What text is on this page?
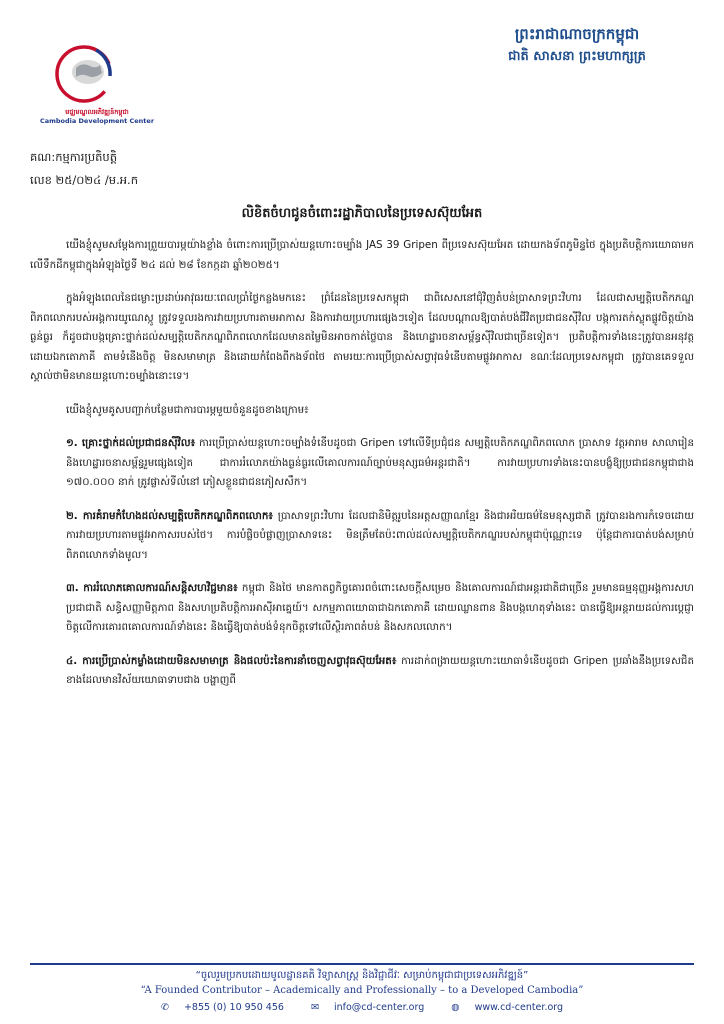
មជ្ឈមណ្ឌលអភិវឌ្ឍន៍កម្ពុជា
Cambodia Development Center
ព្រះរាជាណាចក្រកម្ពុជា
ជាតិ សាសនា ព្រះមហាក្សត្រ
គណ:កម្មការប្រតិបត្តិ
លេខ ២៥/០២៤ /ម.អ.ក
លិខិតចំហជូនចំពោះរដ្ឋាភិបាលនៃប្រទេសស៊ុយអែត

យើងខ្ញុំសូមសម្តែងការព្រួយបារម្ភយ៉ាងខ្លាំង ចំពោះការប្រើប្រាស់យន្តហោះចម្បាំង JAS 39 Gripen ពីប្រទេសស៊ុយអែត ដោយកងទ័ពភូមិន្ទថៃ ក្នុងប្រតិបត្តិការយោធាមកលើទឹកដីកម្ពុជាក្នុងអំឡុងថ្ងៃទី ២៤ ដល់ ២៨ ខែកក្កដា ឆ្នាំ២០២៥។

ក្នុងអំឡុងពេលនៃជម្លោះប្រដាប់អាវុធរយៈពេលប្រាំថ្ងៃកន្លងមកនេះ ព្រំដែននៃប្រទេសកម្ពុជា ជាពិសេសនៅជុំវិញតំបន់ប្រាសាទព្រះវិហារ ដែលជាសម្បត្តិបេតិកភណ្ឌពិភពលោករបស់អង្គការយូណេស្កូ ត្រូវទទួលរងការវាយប្រហារតាមអាកាស និងការវាយប្រហារផ្សេងៗទៀត ដែលបណ្តាលឱ្យបាត់បង់ជីវិតប្រជាជនស៊ីវិល បង្កការតក់ស្លុតផ្លូវចិត្តយ៉ាងធ្ងន់ធ្ងរ ក៏ដូចជាបង្កគ្រោះថ្នាក់ដល់សម្បត្តិបេតិកភណ្ឌពិភពលោកដែលមានតម្លៃមិនអាចកាត់ថ្លៃបាន និងហេដ្ឋារចនាសម្ព័ន្ធស៊ីវិលជាច្រើនទៀត។ ប្រតិបត្តិការទាំងនេះត្រូវបានអនុវត្តដោយឯកតោភាគី តាមទំនើងចិត្ត មិនសមាមាត្រ និងដោយកំពែងពីកងទ័ពថៃ តាមរយៈការប្រើប្រាស់សព្វាវុធទំនើបតាមផ្លូវអាកាស ខណៈដែលប្រទេសកម្ពុជា ត្រូវបានគេទទួលស្គាល់ថាមិនមានយន្តហោះចម្បាំងនោះទេ។

យើងខ្ញុំសូមគូសបញ្ជាក់បន្ថែមជាការបារម្ភមួយចំនួនដូចខាងក្រោម៖

១. គ្រោះថ្នាក់ដល់ប្រជាជនស៊ីវិល៖ ការប្រើប្រាស់យន្តហោះចម្បាំងទំនើបដូចជា Gripen ទៅលើទីប្រជុំជន សម្បត្តិបេតិកភណ្ឌពិភពលោក ប្រាសាទ វត្តអារាម សាលារៀន និងហេដ្ឋារចនាសម្ព័ន្ធរួមផ្សេងទៀត ជាការរំលោភយ៉ាងធ្ងន់ធ្ងរលើគោលការណ៍ច្បាប់មនុស្សធម៌អន្តរជាតិ។ ការវាយប្រហារទាំងនេះបានបង្ខំឱ្យប្រជាជនកម្ពុជាជាង ១៧០.០០០ នាក់ ត្រូវផ្លាស់ទីលំនៅ ភៀសខ្លួនជាជនភៀសសឹក។

២. ការគំរាមកំហែងដល់សម្បត្តិបេតិកភណ្ឌពិភពលោក៖ ប្រាសាទព្រះវិហារ ដែលជានិមិត្តរូបនៃអត្តសញ្ញាណខ្មែរ និងជាអរិយធម៌នៃមនុស្សជាតិ ត្រូវបានរងការកំទេចដោយការវាយប្រហារតាមផ្លូវអាកាសរបស់ថៃ។ ការបំផ្លិចបំផ្លាញប្រាសាទនេះ មិនត្រឹមតែប៉ះពាល់ដល់សម្បត្តិបេតិកភណ្ឌរបស់កម្ពុជាប៉ុណ្ណោះទេ ប៉ុន្តែជាការបាត់បង់សម្រាប់ពិភពលោកទាំងមូល។

៣. ការរំលោភគោលការណ៍សន្តិសហវិជ្ជមាន៖ កម្ពុជា និងថៃ មានកាតព្វកិច្ចគោរពចំពោះសេចក្តីសម្រេច និងគោលការណ៍ជាអន្តរជាតិជាច្រើន រួមមានធម្មនុញ្ញអង្គការសហប្រជាជាតិ សន្ធិសញ្ញាមិត្តភាព និងសហប្រតិបត្តិការអាស៊ីអាគ្នេយ៍។ សកម្មភាពយោធាជាឯកតោភាគី ដោយឈ្លានពាន និងបង្កហេតុទាំងនេះ បានធ្វើឱ្យអន្តរាយដល់ការប្តេជ្ញាចិត្តលើការគោរពគោលការណ៍ទាំងនេះ និងធ្វើឱ្យបាត់បង់ទំនុកចិត្តទៅលើស្ថិរភាពតំបន់ និងសកលលោក។

៤. ការប្រើប្រាស់កម្លាំងដោយមិនសមាមាត្រ និងផលប៉ះនៃការនាំចេញសព្វាវុធស៊ុយអែត៖ ការដាក់ពង្រាយយន្តហោះយោធាទំនើបដូចជា Gripen ប្រឆាំងនឹងប្រទេសជិតខាងដែលមានវិស័យយោធាទាបជាង បង្ហាញពី

“ចូលរួមប្រកបដោយមូលដ្ឋានគតិ វិទ្យាសាស្ត្រ និងវិជ្ជាជីវៈ សម្រាប់កម្ពុជាជាប្រទេសអភិវឌ្ឍន៍”
“A Founded Contributor – Academically and Professionally – to a Developed Cambodia”
✆ +855 (0) 10 950 456	✉ info@cd-center.org	◍ www.cd-center.org
